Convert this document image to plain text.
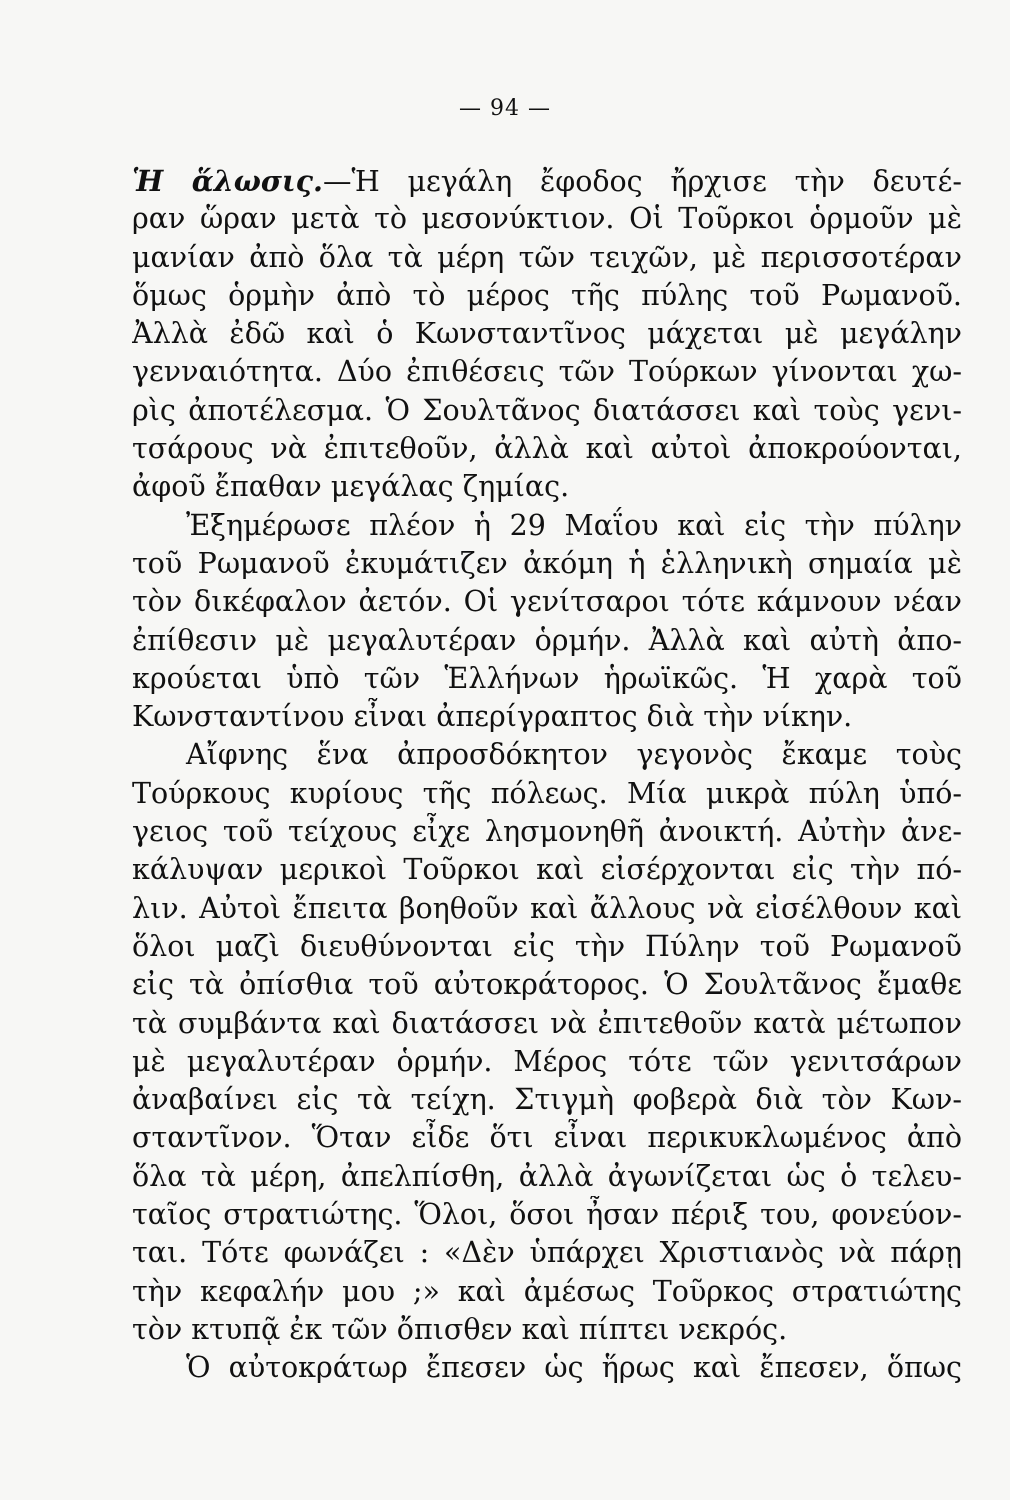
— 94 —
Ἡ ἅλωσις.—Ἡ μεγάλη ἔφοδος ἤρχισε τὴν δευτέ-
ραν ὥραν μετὰ τὸ μεσονύκτιον. Οἱ Τοῦρκοι ὁρμοῦν μὲ
μανίαν ἀπὸ ὅλα τὰ μέρη τῶν τειχῶν, μὲ περισσοτέραν
ὅμως ὁρμὴν ἀπὸ τὸ μέρος τῆς πύλης τοῦ Ρωμανοῦ.
Ἀλλὰ ἐδῶ καὶ ὁ Κωνσταντῖνος μάχεται μὲ μεγάλην
γενναιότητα. Δύο ἐπιθέσεις τῶν Τούρκων γίνονται χω-
ρὶς ἀποτέλεσμα. Ὁ Σουλτᾶνος διατάσσει καὶ τοὺς γενι-
τσάρους νὰ ἐπιτεθοῦν, ἀλλὰ καὶ αὐτοὶ ἀποκρούονται,
ἀφοῦ ἔπαθαν μεγάλας ζημίας.
Ἐξημέρωσε πλέον ἡ 29 Μαΐου καὶ εἰς τὴν πύλην
τοῦ Ρωμανοῦ ἐκυμάτιζεν ἀκόμη ἡ ἑλληνικὴ σημαία μὲ
τὸν δικέφαλον ἀετόν. Οἱ γενίτσαροι τότε κάμνουν νέαν
ἐπίθεσιν μὲ μεγαλυτέραν ὁρμήν. Ἀλλὰ καὶ αὐτὴ ἀπο-
κρούεται ὑπὸ τῶν Ἑλλήνων ἡρωϊκῶς. Ἡ χαρὰ τοῦ
Κωνσταντίνου εἶναι ἀπερίγραπτος διὰ τὴν νίκην.
Αἴφνης ἕνα ἀπροσδόκητον γεγονὸς ἔκαμε τοὺς
Τούρκους κυρίους τῆς πόλεως. Μία μικρὰ πύλη ὑπό-
γειος τοῦ τείχους εἶχε λησμονηθῆ ἀνοικτή. Αὐτὴν ἀνε-
κάλυψαν μερικοὶ Τοῦρκοι καὶ εἰσέρχονται εἰς τὴν πό-
λιν. Αὐτοὶ ἔπειτα βοηθοῦν καὶ ἄλλους νὰ εἰσέλθουν καὶ
ὅλοι μαζὶ διευθύνονται εἰς τὴν Πύλην τοῦ Ρωμανοῦ
εἰς τὰ ὀπίσθια τοῦ αὐτοκράτορος. Ὁ Σουλτᾶνος ἔμαθε
τὰ συμβάντα καὶ διατάσσει νὰ ἐπιτεθοῦν κατὰ μέτωπον
μὲ μεγαλυτέραν ὁρμήν. Μέρος τότε τῶν γενιτσάρων
ἀναβαίνει εἰς τὰ τείχη. Στιγμὴ φοβερὰ διὰ τὸν Κων-
σταντῖνον. Ὅταν εἶδε ὅτι εἶναι περικυκλωμένος ἀπὸ
ὅλα τὰ μέρη, ἀπελπίσθη, ἀλλὰ ἀγωνίζεται ὡς ὁ τελευ-
ταῖος στρατιώτης. Ὅλοι, ὅσοι ἦσαν πέριξ του, φονεύον-
ται. Τότε φωνάζει : «Δὲν ὑπάρχει Χριστιανὸς νὰ πάρῃ
τὴν κεφαλήν μου ;» καὶ ἀμέσως Τοῦρκος στρατιώτης
τὸν κτυπᾷ ἐκ τῶν ὄπισθεν καὶ πίπτει νεκρός.
Ὁ αὐτοκράτωρ ἔπεσεν ὡς ἥρως καὶ ἔπεσεν, ὅπως
